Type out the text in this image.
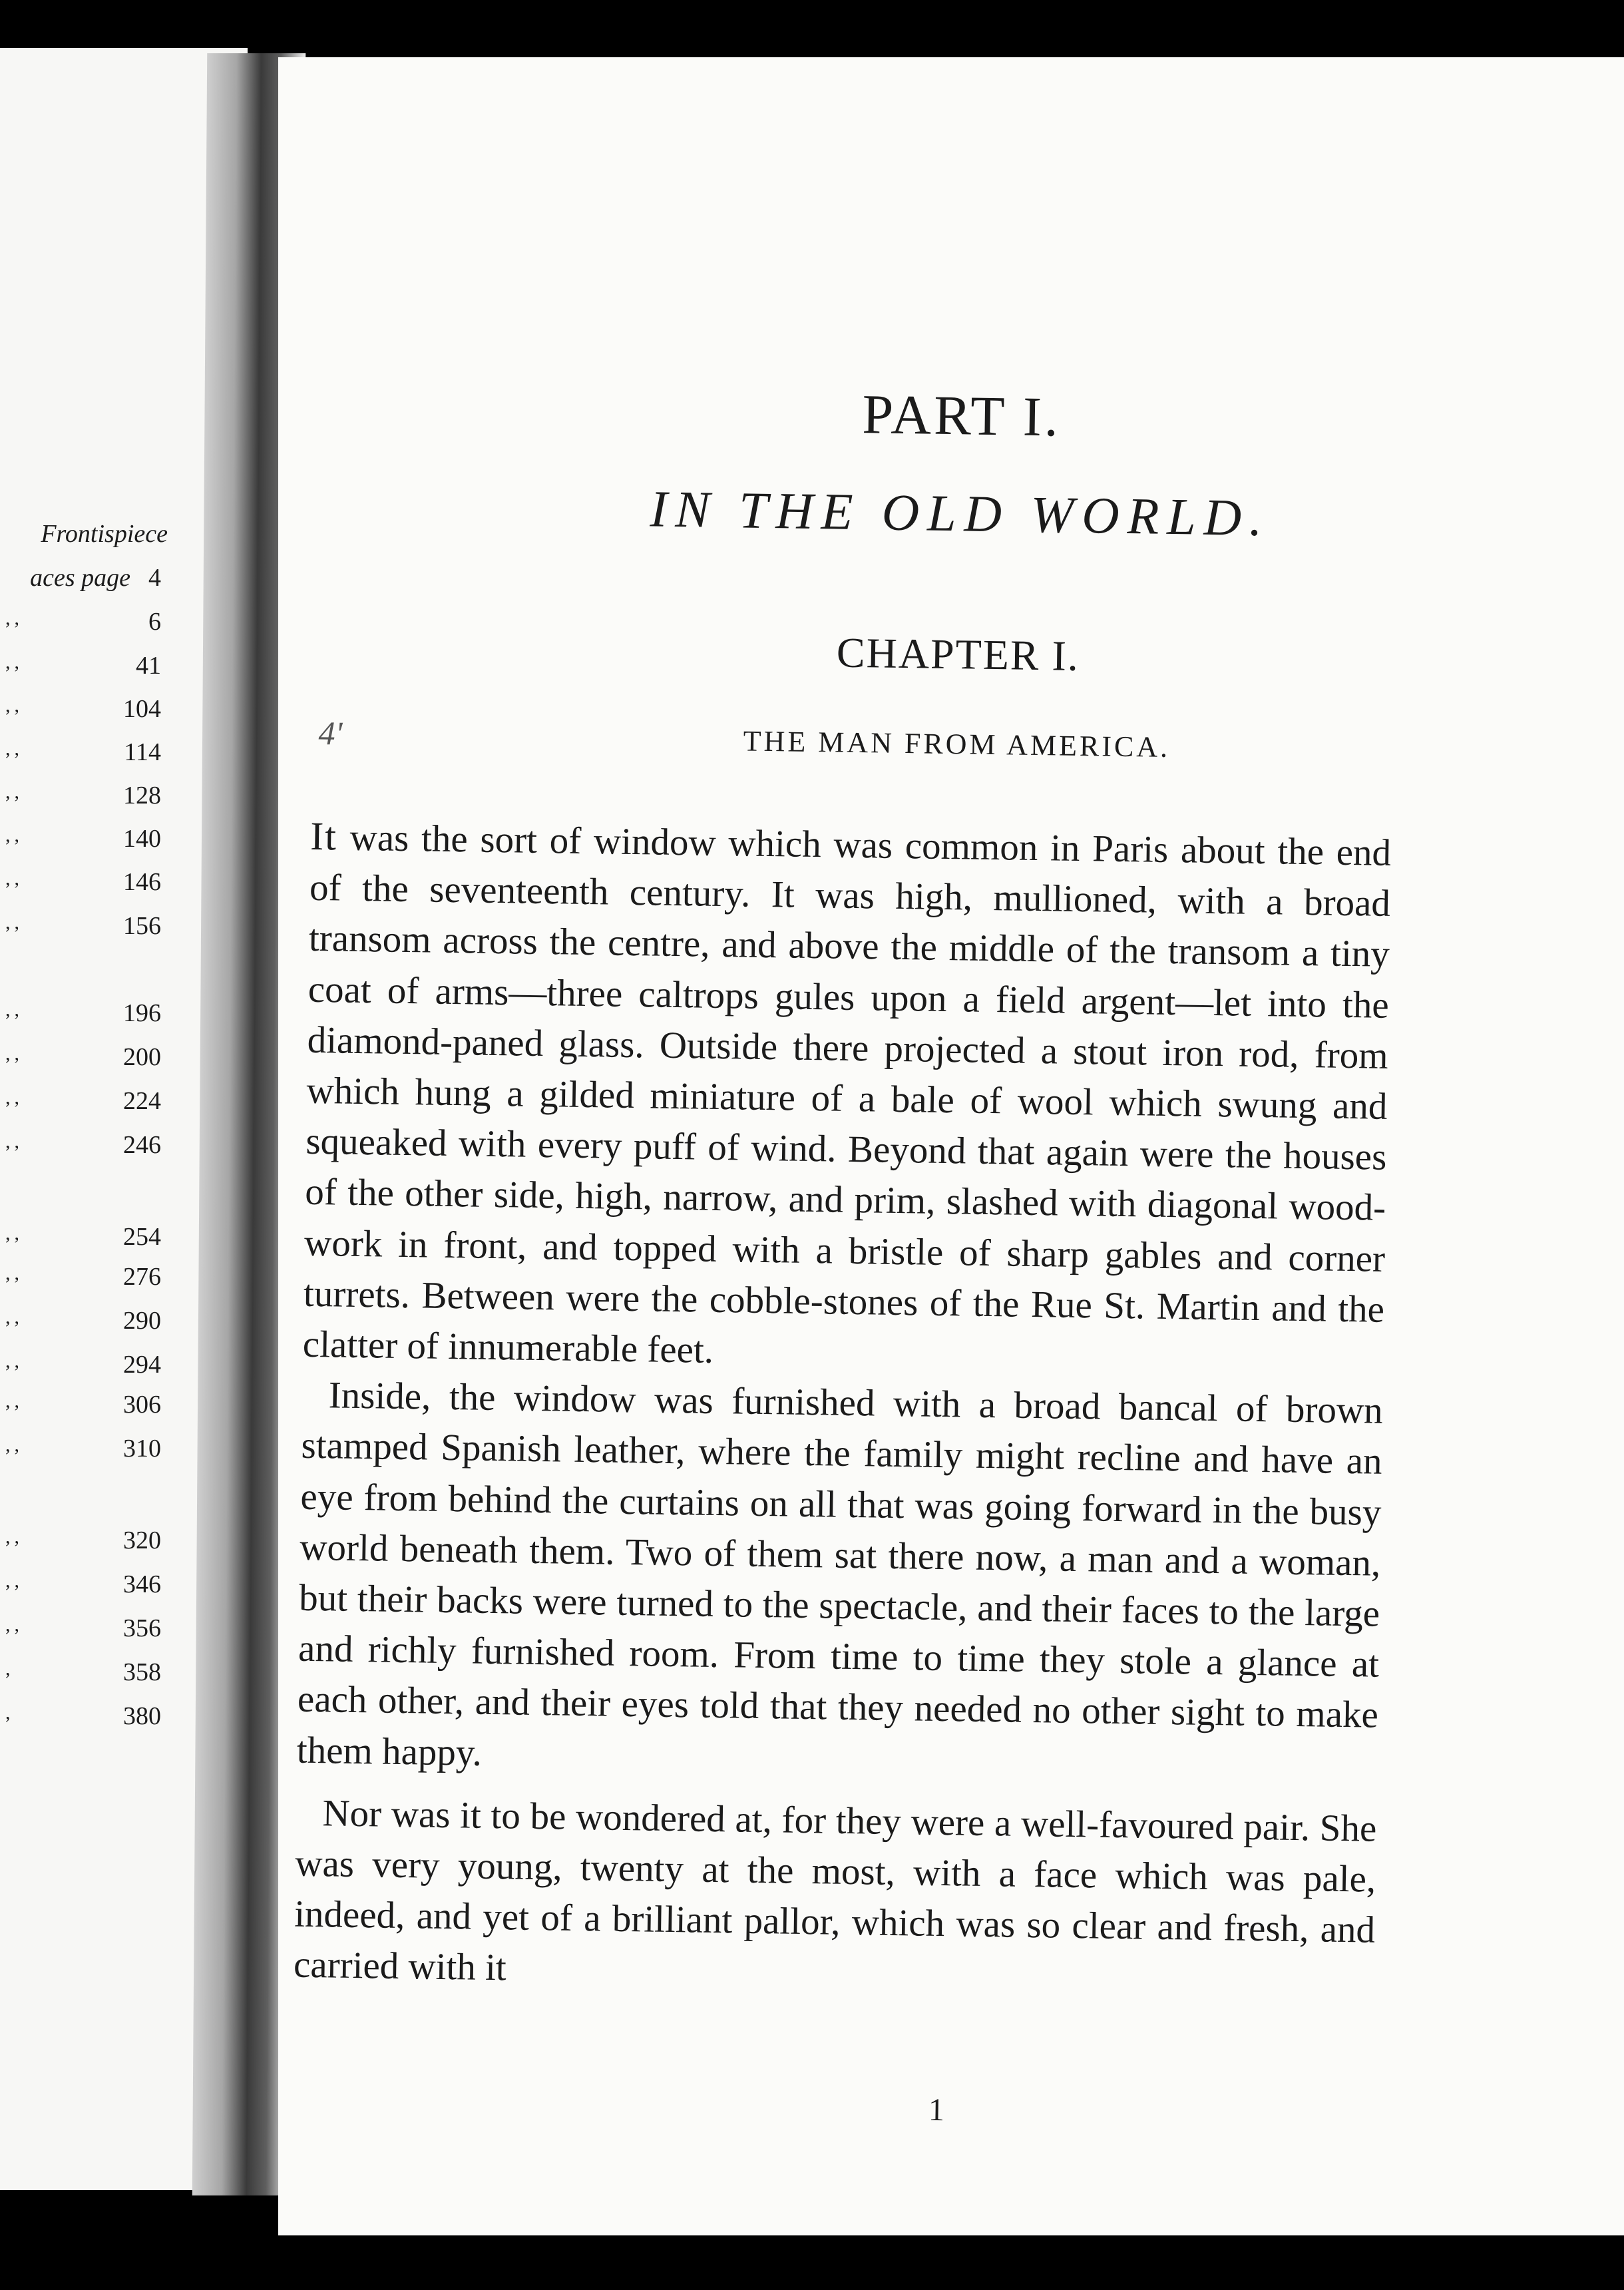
Frontispiece
aces page 4
,,	6
,,	41
,,	104
,,	114
,,	128
,,	140
,,	146
,,	156
,,	196
,,	200
,,	224
,,	246
,,	254
,,	276
,,	290
,,	294
,,	306
,,	310
,,	320
,,	346
,,	356
,	358
,	380
PART I.
IN THE OLD WORLD.
CHAPTER I.
4'	THE MAN FROM AMERICA.

It was the sort of window which was common in Paris about the end of the seventeenth century. It was high, mullioned, with a broad transom across the centre, and above the middle of the transom a tiny coat of arms—three caltrops gules upon a field argent—let into the diamond-paned glass. Outside there projected a stout iron rod, from which hung a gilded miniature of a bale of wool which swung and squeaked with every puff of wind. Beyond that again were the houses of the other side, high, narrow, and prim, slashed with diagonal wood-work in front, and topped with a bristle of sharp gables and corner turrets. Between were the cobble-stones of the Rue St. Martin and the clatter of innumerable feet.

Inside, the window was furnished with a broad bancal of brown stamped Spanish leather, where the family might recline and have an eye from behind the curtains on all that was going forward in the busy world beneath them. Two of them sat there now, a man and a woman, but their backs were turned to the spectacle, and their faces to the large and richly furnished room. From time to time they stole a glance at each other, and their eyes told that they needed no other sight to make them happy.

Nor was it to be wondered at, for they were a well-favoured pair. She was very young, twenty at the most, with a face which was pale, indeed, and yet of a brilliant pallor, which was so clear and fresh, and carried with it

1
